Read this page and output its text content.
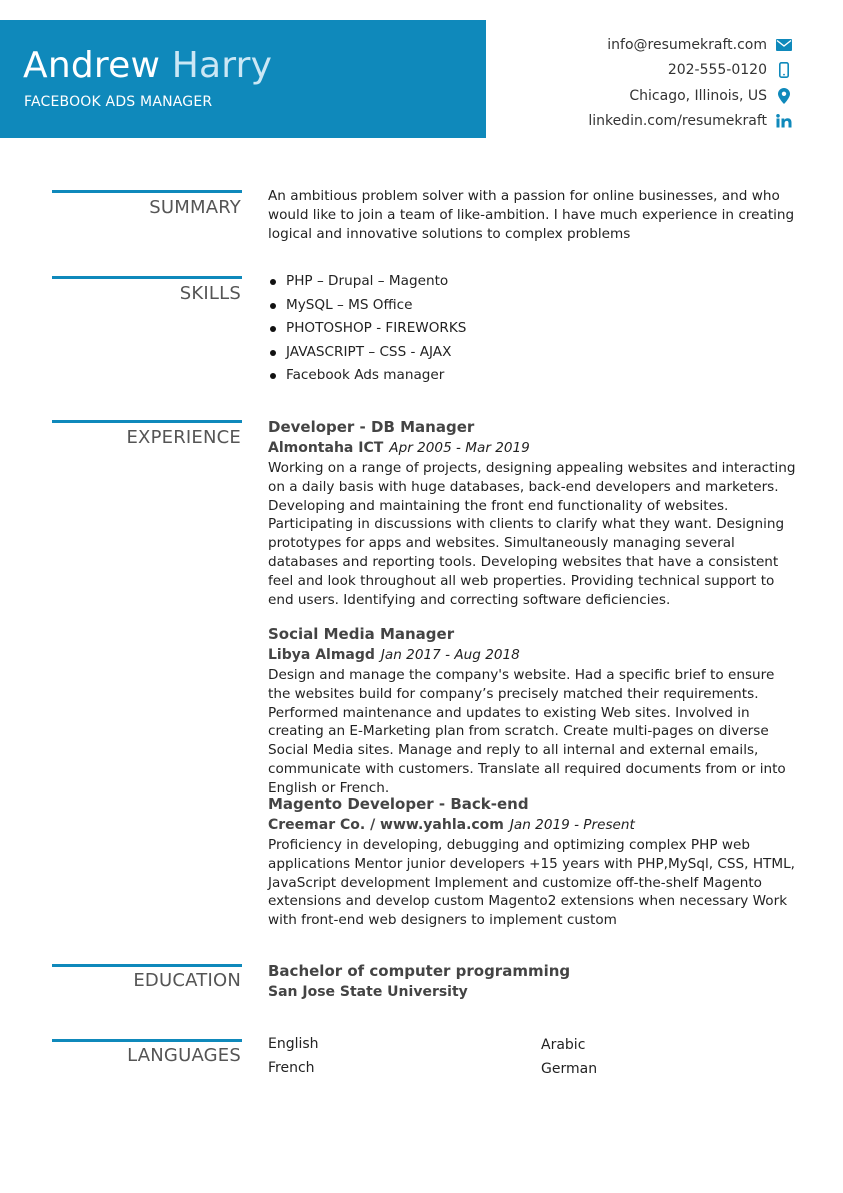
Andrew Harry
FACEBOOK ADS MANAGER
info@resumekraft.com
202-555-0120
Chicago, Illinois, US
linkedin.com/resumekraft
SUMMARY
An ambitious problem solver with a passion for online businesses, and who would like to join a team of like-ambition. I have much experience in creating logical and innovative solutions to complex problems
SKILLS
PHP – Drupal – Magento
MySQL – MS Office
PHOTOSHOP - FIREWORKS
JAVASCRIPT – CSS - AJAX
Facebook Ads manager
EXPERIENCE Developer - DB Manager
Almontaha ICT Apr 2005 - Mar 2019
Working on a range of projects, designing appealing websites and interacting on a daily basis with huge databases, back-end developers and marketers. Developing and maintaining the front end functionality of websites. Participating in discussions with clients to clarify what they want. Designing prototypes for apps and websites. Simultaneously managing several databases and reporting tools. Developing websites that have a consistent feel and look throughout all web properties. Providing technical support to end users. Identifying and correcting software deficiencies.
Social Media Manager
Libya Almagd Jan 2017 - Aug 2018
Design and manage the company's website. Had a specific brief to ensure the websites build for company’s precisely matched their requirements. Performed maintenance and updates to existing Web sites. Involved in creating an E-Marketing plan from scratch. Create multi-pages on diverse Social Media sites. Manage and reply to all internal and external emails, communicate with customers. Translate all required documents from or into English or French.
Magento Developer - Back-end
Creemar Co. / www.yahla.com Jan 2019 - Present
Proficiency in developing, debugging and optimizing complex PHP web applications Mentor junior developers +15 years with PHP,MySql, CSS, HTML, JavaScript development Implement and customize off-the-shelf Magento extensions and develop custom Magento2 extensions when necessary Work with front-end web designers to implement custom
EDUCATION Bachelor of computer programming
San Jose State University
LANGUAGES
English	Arabic
French	German
